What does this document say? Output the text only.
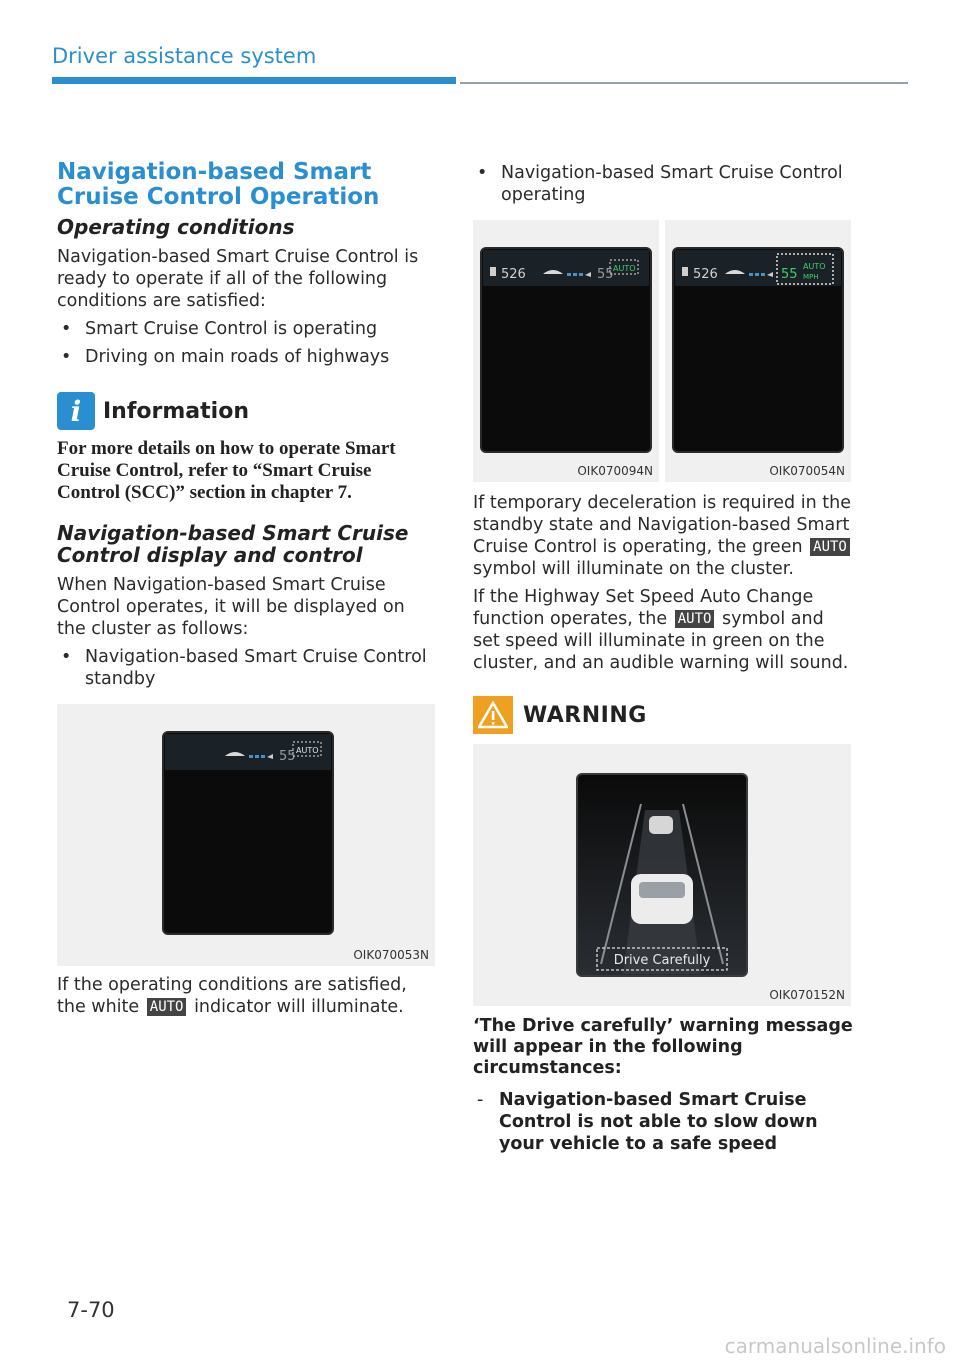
Driver assistance system
Navigation-based Smart Cruise Control Operation
Operating conditions

Navigation-based Smart Cruise Control is ready to operate if all of the following conditions are satisfied:

• Smart Cruise Control is operating
• Driving on main roads of highways
i Information
For more details on how to operate Smart Cruise Control, refer to “Smart Cruise Control (SCC)” section in chapter 7.
Navigation-based Smart Cruise Control display and control

When Navigation-based Smart Cruise Control operates, it will be displayed on the cluster as follows:

• Navigation-based Smart Cruise Control standby
55 AUTO
OIK070053N

If the operating conditions are satisfied, the white AUTO indicator will illuminate.

• Navigation-based Smart Cruise Control operating
526	55 AUTO
OIK070094N
526	55
AUTO
MPH
OIK070054N

If temporary deceleration is required in the standby state and Navigation-based Smart Cruise Control is operating, the green AUTO symbol will illuminate on the cluster.

If the Highway Set Speed Auto Change function operates, the AUTO symbol and set speed will illuminate in green on the cluster, and an audible warning will sound.

WARNING
Drive Carefully
OIK070152N
‘The Drive carefully’ warning message will appear in the following circumstances:
- Navigation-based Smart Cruise Control is not able to slow down your vehicle to a safe speed
7-70
carmanualsonline.info
